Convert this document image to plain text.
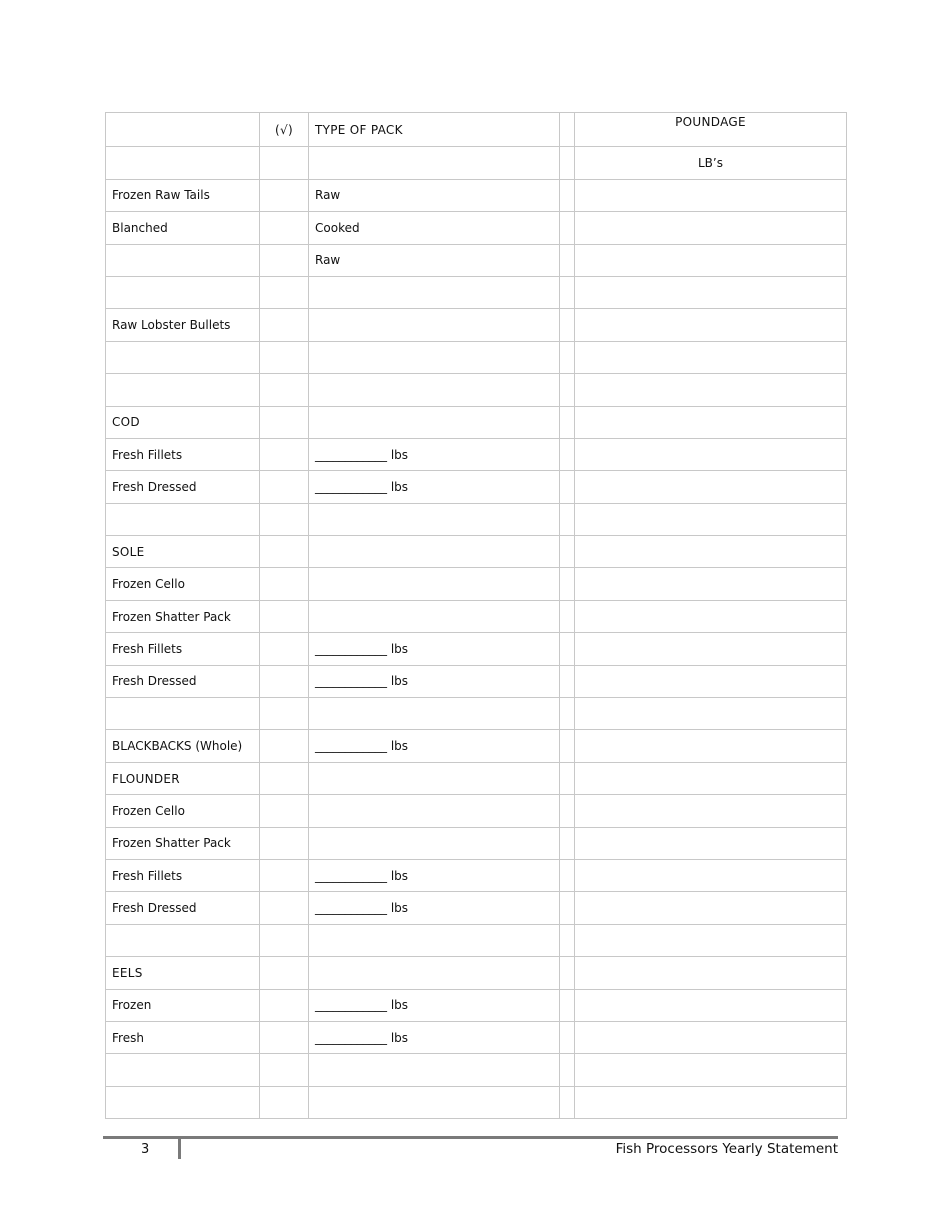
	(√)	TYPE OF PACK		POUNDAGE
				LB’s
Frozen Raw Tails		Raw		
Blanched		Cooked		
		Raw		

Raw Lobster Bullets				

COD				
Fresh Fillets		____________ lbs		
Fresh Dressed		____________ lbs		

SOLE				
Frozen Cello				
Frozen Shatter Pack				
Fresh Fillets		____________ lbs		
Fresh Dressed		____________ lbs		

BLACKBACKS (Whole)		____________ lbs		
FLOUNDER				
Frozen Cello				
Frozen Shatter Pack				
Fresh Fillets		____________ lbs		
Fresh Dressed		____________ lbs		

EELS				
Frozen		____________ lbs		
Fresh		____________ lbs		

3	Fish Processors Yearly Statement
